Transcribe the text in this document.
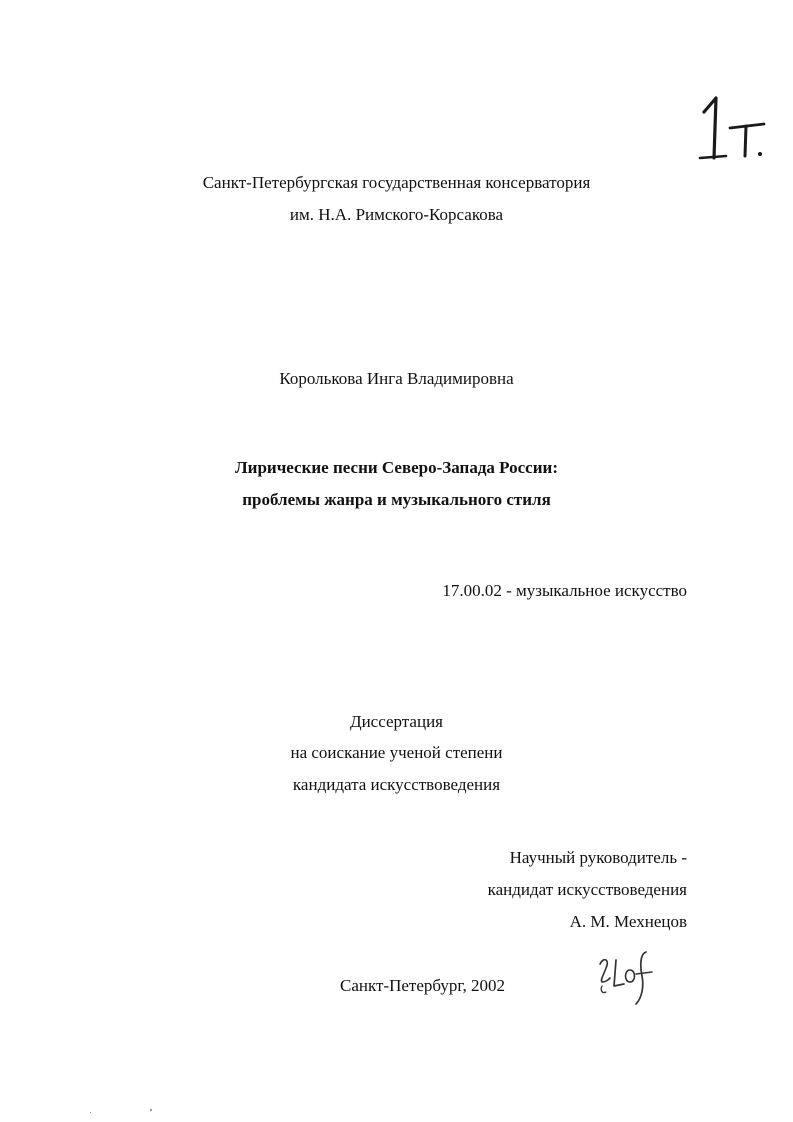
Санкт-Петербургская государственная консерватория
им. Н.А. Римского-Корсакова
Королькова Инга Владимировна
Лирические песни Северо-Запада России:
проблемы жанра и музыкального стиля
17.00.02 - музыкальное искусство
Диссертация
на соискание ученой степени
кандидата искусствоведения
Научный руководитель -
кандидат искусствоведения
А. М. Мехнецов
Санкт-Петербург, 2002
